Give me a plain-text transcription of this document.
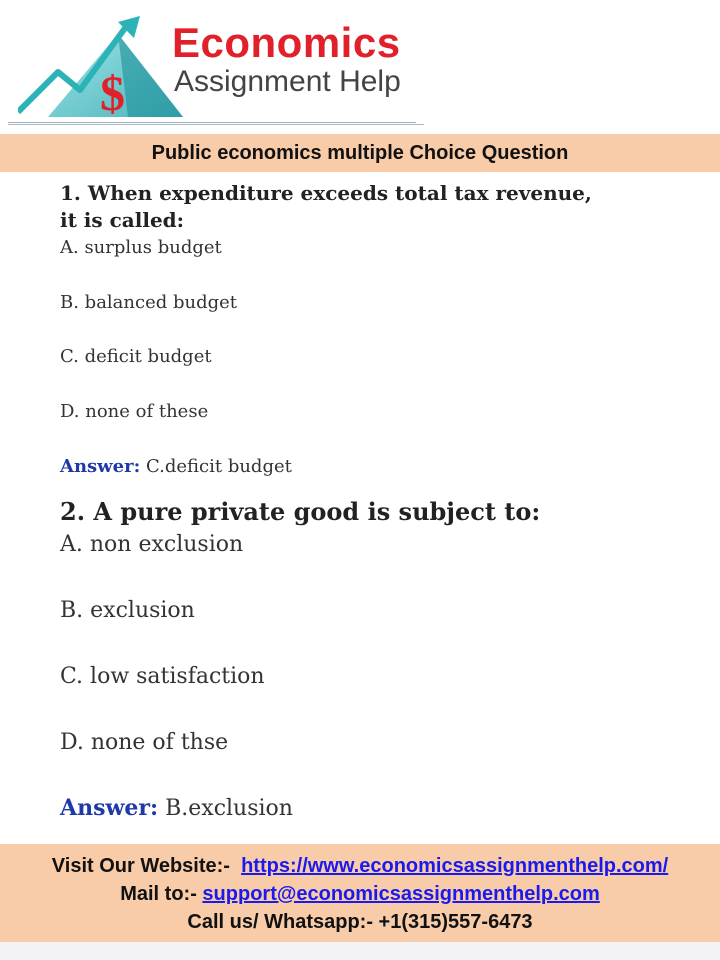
$
Economics
Assignment Help
Public economics multiple Choice Question
1. When expenditure exceeds total tax revenue,
it is called:
A. surplus budget
B. balanced budget
C. deficit budget
D. none of these
Answer: C.deficit budget
2. A pure private good is subject to:
A. non exclusion
B. exclusion
C. low satisfaction
D. none of thse
Answer: B.exclusion
Visit Our Website:- https://www.economicsassignmenthelp.com/
Mail to:- support@economicsassignmenthelp.com
Call us/ Whatsapp:- +1(315)557-6473
